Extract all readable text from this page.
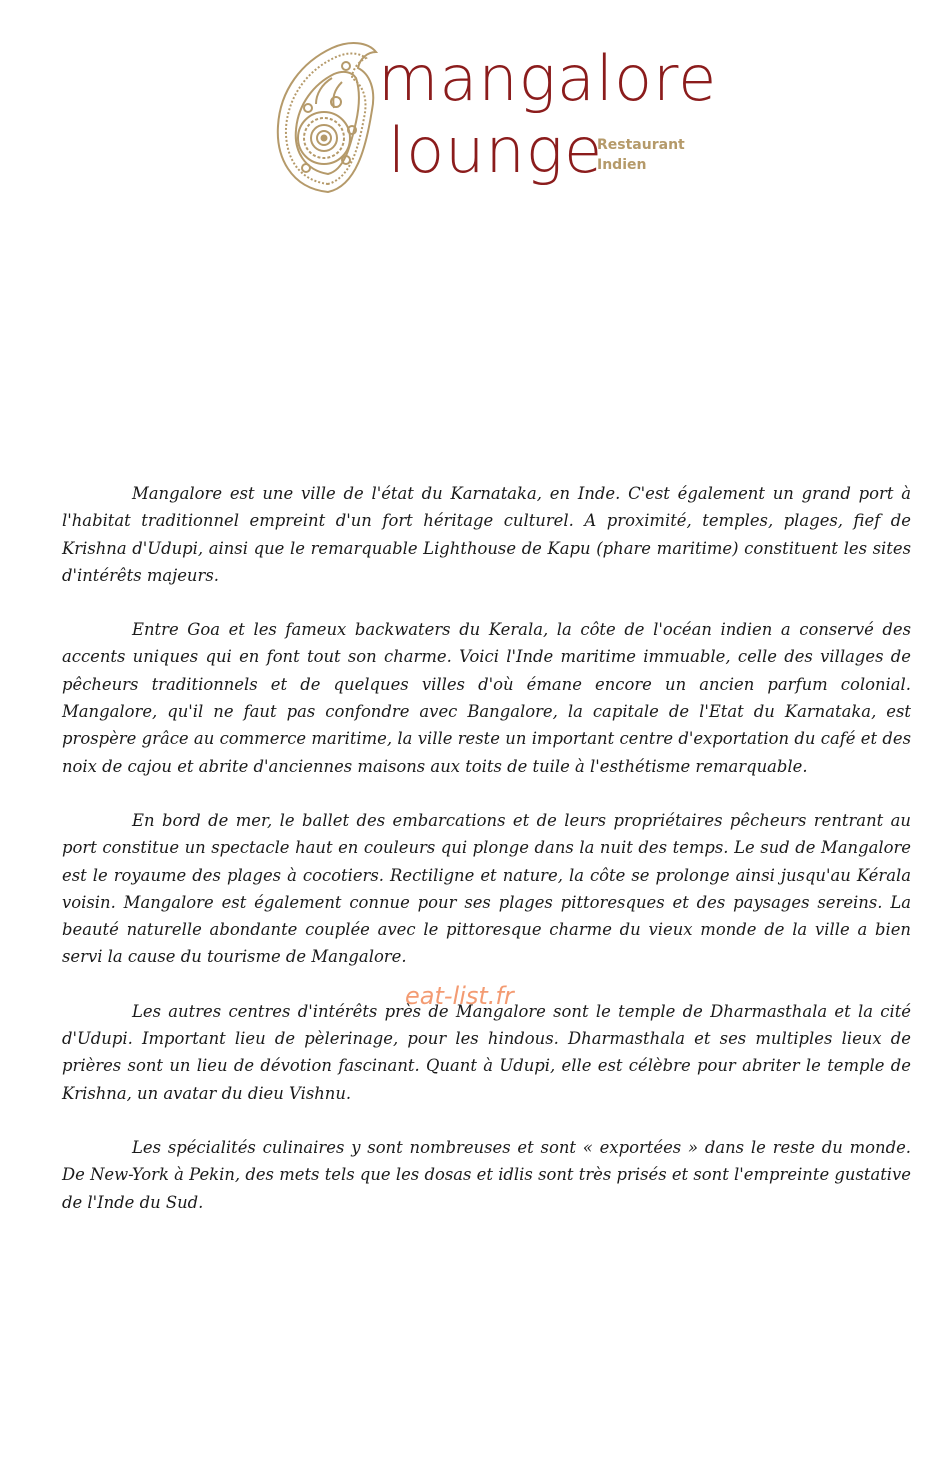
mangalore
lounge
Restaurant
Indien

Mangalore est une ville de l'état du Karnataka, en Inde. C'est également un grand port à l'habitat traditionnel empreint d'un fort héritage culturel. A proximité, temples, plages, fief de Krishna d'Udupi, ainsi que le remarquable Lighthouse de Kapu (phare maritime) constituent les sites d'intérêts majeurs.

Entre Goa et les fameux backwaters du Kerala, la côte de l'océan indien a conservé des accents uniques qui en font tout son charme. Voici l'Inde maritime immuable, celle des villages de pêcheurs traditionnels et de quelques villes d'où émane encore un ancien parfum colonial. Mangalore, qu'il ne faut pas confondre avec Bangalore, la capitale de l'Etat du Karnataka, est prospère grâce au commerce maritime, la ville reste un important centre d'exportation du café et des noix de cajou et abrite d'anciennes maisons aux toits de tuile à l'esthétisme remarquable.

En bord de mer, le ballet des embarcations et de leurs propriétaires pêcheurs rentrant au port constitue un spectacle haut en couleurs qui plonge dans la nuit des temps. Le sud de Mangalore est le royaume des plages à cocotiers. Rectiligne et nature, la côte se prolonge ainsi jusqu'au Kérala voisin. Mangalore est également connue pour ses plages pittoresques et des paysages sereins. La beauté naturelle abondante couplée avec le pittoresque charme du vieux monde de la ville a bien servi la cause du tourisme de Mangalore.

Les autres centres d'intérêts près de Mangalore sont le temple de Dharmasthala et la cité d'Udupi. Important lieu de pèlerinage, pour les hindous. Dharmasthala et ses multiples lieux de prières sont un lieu de dévotion fascinant. Quant à Udupi, elle est célèbre pour abriter le temple de Krishna, un avatar du dieu Vishnu.

Les spécialités culinaires y sont nombreuses et sont « exportées » dans le reste du monde. De New-York à Pekin, des mets tels que les dosas et idlis sont très prisés et sont l'empreinte gustative de l'Inde du Sud.

eat-list.fr
